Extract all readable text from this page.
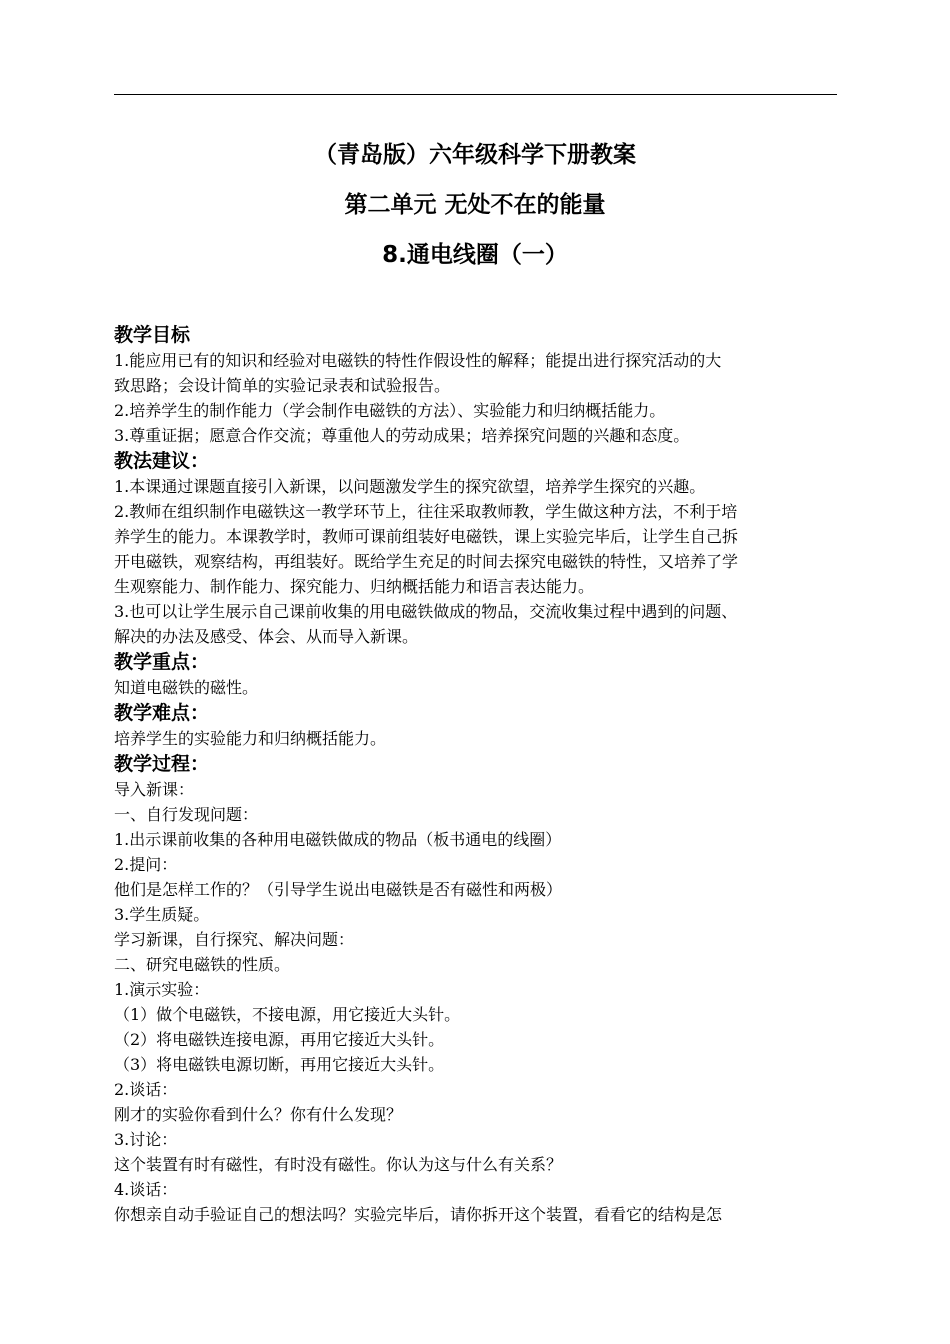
（青岛版）六年级科学下册教案
第二单元 无处不在的能量
8.通电线圈（一）
教学目标
1.能应用已有的知识和经验对电磁铁的特性作假设性的解释；能提出进行探究活动的大
致思路；会设计简单的实验记录表和试验报告。
2.培养学生的制作能力（学会制作电磁铁的方法）、实验能力和归纳概括能力。
3.尊重证据；愿意合作交流；尊重他人的劳动成果；培养探究问题的兴趣和态度。
教法建议：
1.本课通过课题直接引入新课，以问题激发学生的探究欲望，培养学生探究的兴趣。
2.教师在组织制作电磁铁这一教学环节上，往往采取教师教，学生做这种方法，不利于培
养学生的能力。本课教学时，教师可课前组装好电磁铁，课上实验完毕后，让学生自己拆
开电磁铁，观察结构，再组装好。既给学生充足的时间去探究电磁铁的特性，又培养了学
生观察能力、制作能力、探究能力、归纳概括能力和语言表达能力。
3.也可以让学生展示自己课前收集的用电磁铁做成的物品，交流收集过程中遇到的问题、
解决的办法及感受、体会、从而导入新课。
教学重点：
知道电磁铁的磁性。
教学难点：
培养学生的实验能力和归纳概括能力。
教学过程：
导入新课：
一、自行发现问题：
1.出示课前收集的各种用电磁铁做成的物品（板书通电的线圈）
2.提问：
他们是怎样工作的？（引导学生说出电磁铁是否有磁性和两极）
3.学生质疑。
学习新课，自行探究、解决问题：
二、研究电磁铁的性质。
1.演示实验：
（1）做个电磁铁，不接电源，用它接近大头针。
（2）将电磁铁连接电源，再用它接近大头针。
（3）将电磁铁电源切断，再用它接近大头针。
2.谈话：
刚才的实验你看到什么？你有什么发现？
3.讨论：
这个装置有时有磁性，有时没有磁性。你认为这与什么有关系？
4.谈话：
你想亲自动手验证自己的想法吗？实验完毕后，请你拆开这个装置，看看它的结构是怎
